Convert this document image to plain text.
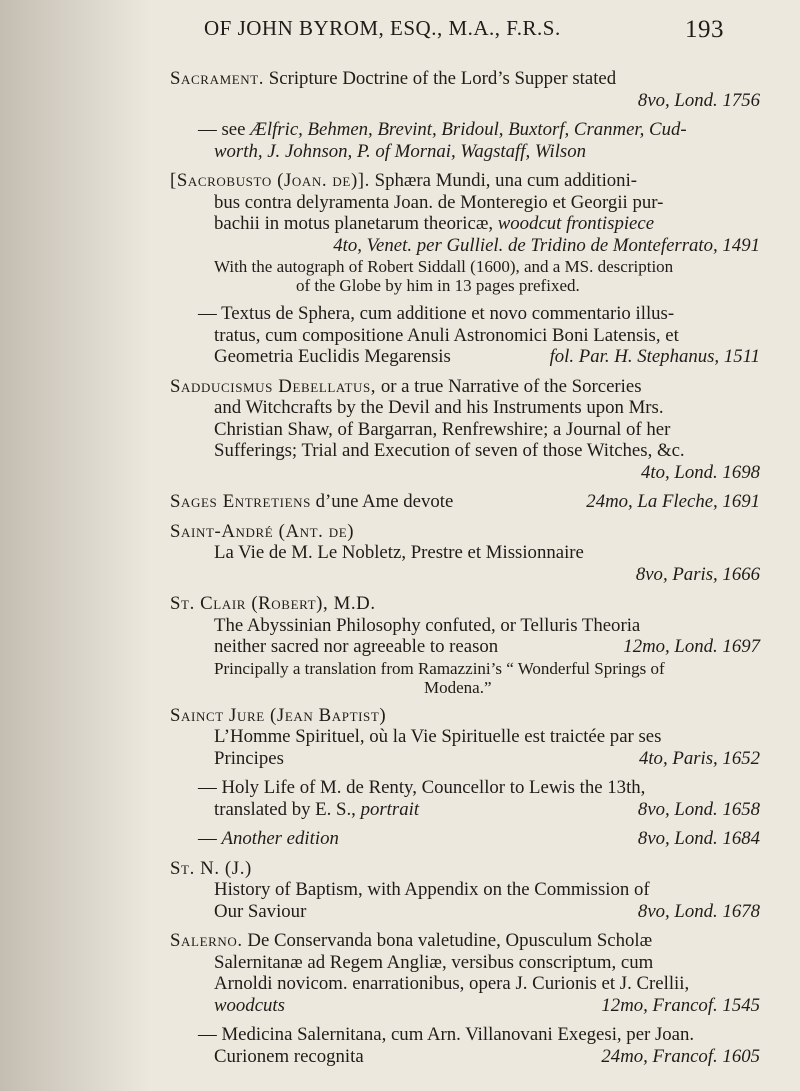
OF JOHN BYROM, ESQ., M.A., F.R.S.	193
Sacrament. Scripture Doctrine of the Lord’s Supper stated
8vo, Lond. 1756
— see Ælfric, Behmen, Brevint, Bridoul, Buxtorf, Cranmer, Cud-
worth, J. Johnson, P. of Mornai, Wagstaff, Wilson
[Sacrobusto (Joan. de)]. Sphæra Mundi, una cum additioni-
bus contra delyramenta Joan. de Monteregio et Georgii pur-
bachii in motus planetarum theoricæ, woodcut frontispiece
4to, Venet. per Gulliel. de Tridino de Monteferrato, 1491
With the autograph of Robert Siddall (1600), and a MS. description
of the Globe by him in 13 pages prefixed.
— Textus de Sphera, cum additione et novo commentario illus-
tratus, cum compositione Anuli Astronomici Boni Latensis, et
Geometria Euclidis Megarensis	fol. Par. H. Stephanus, 1511
Sadducismus Debellatus, or a true Narrative of the Sorceries
and Witchcrafts by the Devil and his Instruments upon Mrs.
Christian Shaw, of Bargarran, Renfrewshire; a Journal of her
Sufferings; Trial and Execution of seven of those Witches, &c.
4to, Lond. 1698
Sages Entretiens d’une Ame devote	24mo, La Fleche, 1691
Saint-André (Ant. de)
La Vie de M. Le Nobletz, Prestre et Missionnaire
8vo, Paris, 1666
St. Clair (Robert), M.D.
The Abyssinian Philosophy confuted, or Telluris Theoria
neither sacred nor agreeable to reason	12mo, Lond. 1697
Principally a translation from Ramazzini’s “ Wonderful Springs of
Modena.”
Sainct Jure (Jean Baptist)
L’Homme Spirituel, où la Vie Spirituelle est traictée par ses
Principes	4to, Paris, 1652
— Holy Life of M. de Renty, Councellor to Lewis the 13th,
translated by E. S., portrait	8vo, Lond. 1658
— Another edition	8vo, Lond. 1684
St. N. (J.)
History of Baptism, with Appendix on the Commission of
Our Saviour	8vo, Lond. 1678
Salerno. De Conservanda bona valetudine, Opusculum Scholæ
Salernitanæ ad Regem Angliæ, versibus conscriptum, cum
Arnoldi novicom. enarrationibus, opera J. Curionis et J. Crellii,
woodcuts	12mo, Francof. 1545
— Medicina Salernitana, cum Arn. Villanovani Exegesi, per Joan.
Curionem recognita	24mo, Francof. 1605
